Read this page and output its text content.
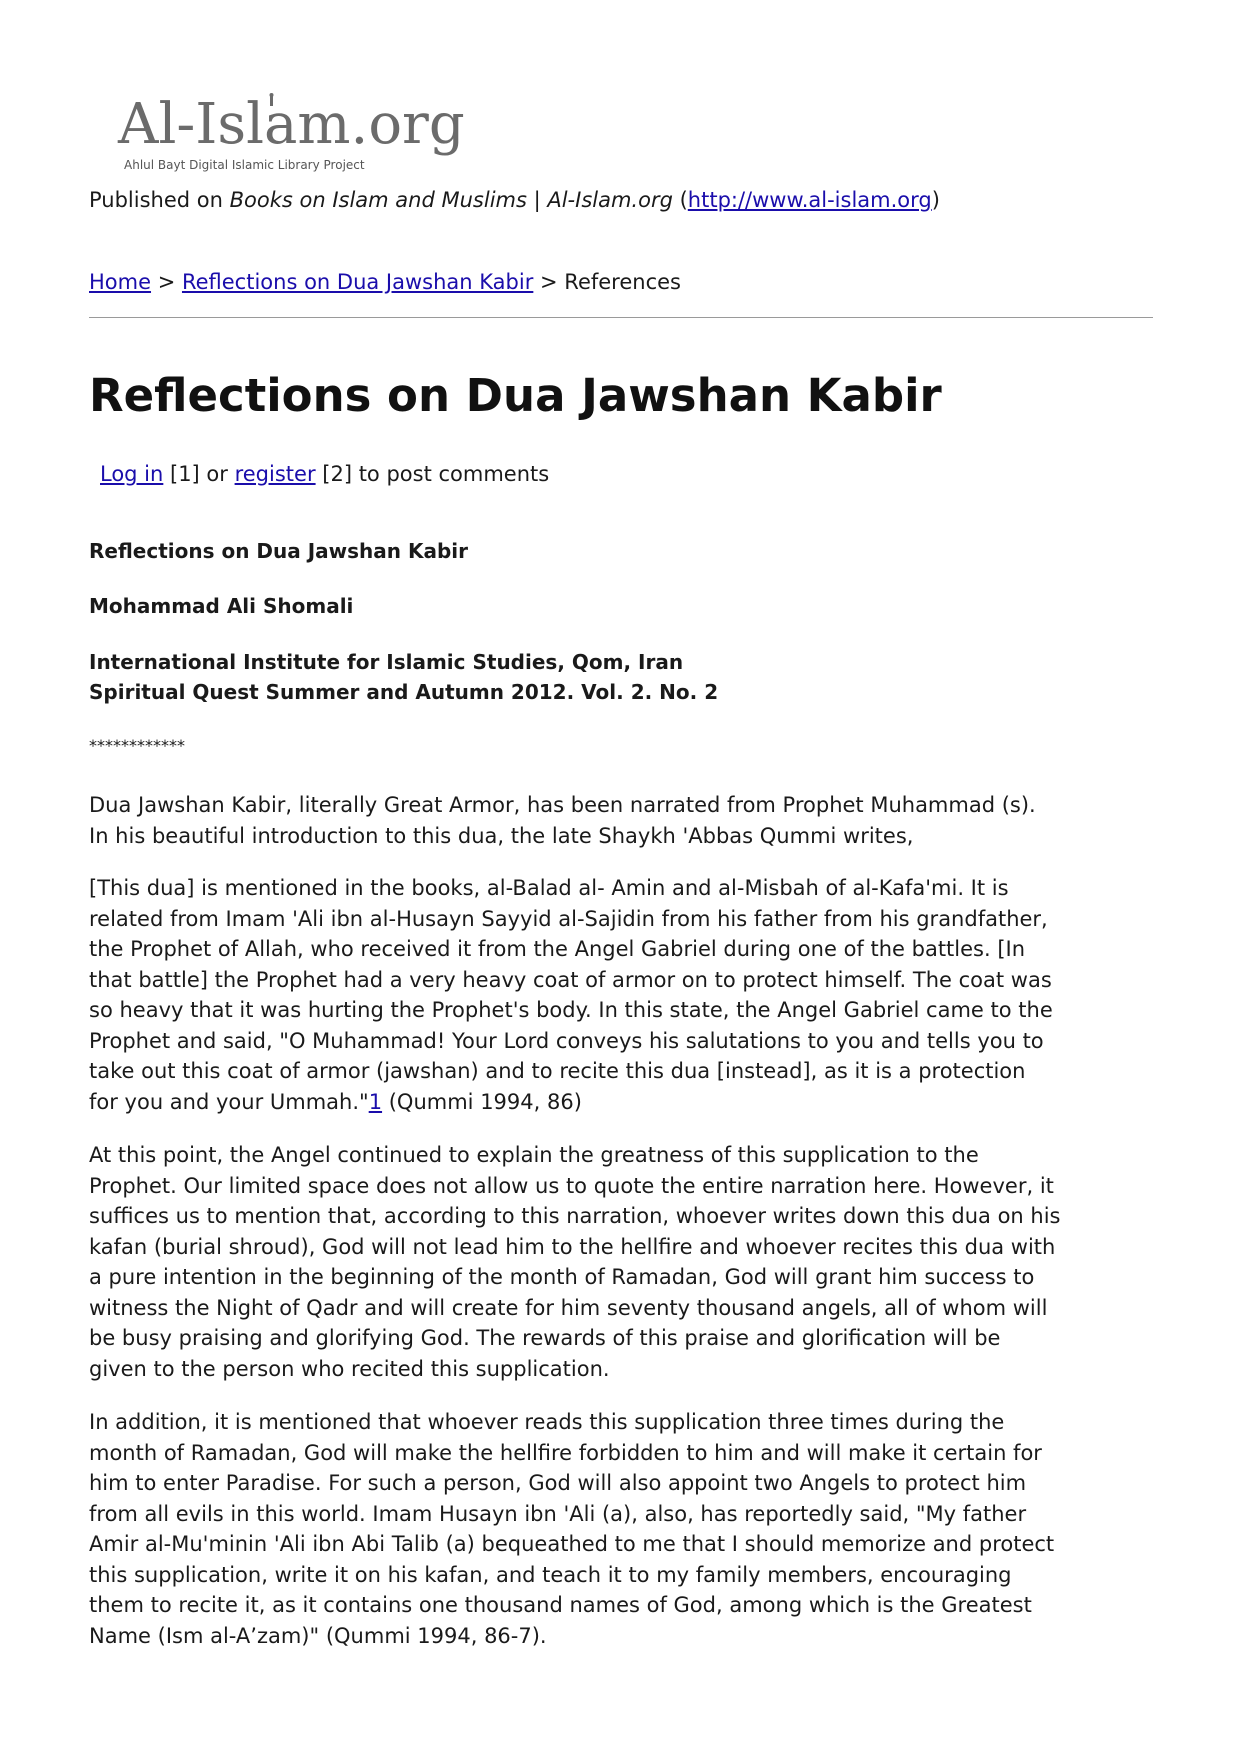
Al-Islam.org
Ahlul Bayt Digital Islamic Library Project
Published on Books on Islam and Muslims | Al-Islam.org (http://www.al-islam.org)
Home > Reflections on Dua Jawshan Kabir > References
Reflections on Dua Jawshan Kabir
Log in [1] or register [2] to post comments
Reflections on Dua Jawshan Kabir
Mohammad Ali Shomali
International Institute for Islamic Studies, Qom, Iran
Spiritual Quest Summer and Autumn 2012. Vol. 2. No. 2
************

Dua Jawshan Kabir, literally Great Armor, has been narrated from Prophet Muhammad (s).
In his beautiful introduction to this dua, the late Shaykh 'Abbas Qummi writes,

[This dua] is mentioned in the books, al-Balad al- Amin and al-Misbah of al-Kafa'mi. It is
related from Imam 'Ali ibn al-Husayn Sayyid al-Sajidin from his father from his grandfather,
the Prophet of Allah, who received it from the Angel Gabriel during one of the battles. [In
that battle] the Prophet had a very heavy coat of armor on to protect himself. The coat was
so heavy that it was hurting the Prophet's body. In this state, the Angel Gabriel came to the
Prophet and said, "O Muhammad! Your Lord conveys his salutations to you and tells you to
take out this coat of armor (jawshan) and to recite this dua [instead], as it is a protection
for you and your Ummah."1 (Qummi 1994, 86)

At this point, the Angel continued to explain the greatness of this supplication to the
Prophet. Our limited space does not allow us to quote the entire narration here. However, it
suffices us to mention that, according to this narration, whoever writes down this dua on his
kafan (burial shroud), God will not lead him to the hellfire and whoever recites this dua with
a pure intention in the beginning of the month of Ramadan, God will grant him success to
witness the Night of Qadr and will create for him seventy thousand angels, all of whom will
be busy praising and glorifying God. The rewards of this praise and glorification will be
given to the person who recited this supplication.

In addition, it is mentioned that whoever reads this supplication three times during the
month of Ramadan, God will make the hellfire forbidden to him and will make it certain for
him to enter Paradise. For such a person, God will also appoint two Angels to protect him
from all evils in this world. Imam Husayn ibn 'Ali (a), also, has reportedly said, "My father
Amir al-Mu'minin 'Ali ibn Abi Talib (a) bequeathed to me that I should memorize and protect
this supplication, write it on his kafan, and teach it to my family members, encouraging
them to recite it, as it contains one thousand names of God, among which is the Greatest
Name (Ism al-A’zam)" (Qummi 1994, 86-7).
